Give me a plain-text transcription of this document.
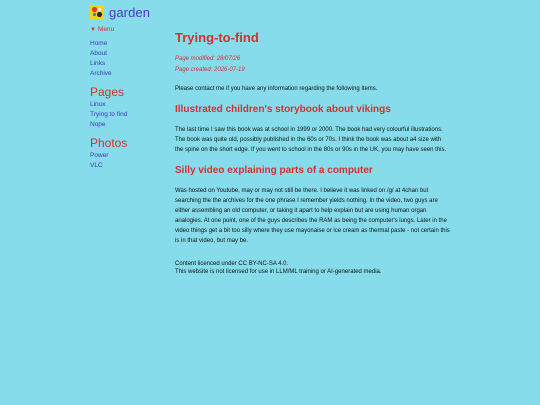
garden
▼ Menu
Home
About
Links
Archive
Pages
Linux
Trying to find
Nope
Photos
Power
VLC
Trying-to-find

Page modified: 28/07/26
Page created: 2026-07-19

Please contact me if you have any information regarding the following items.

Illustrated children's storybook about vikings

The last time I saw this book was at school in 1999 or 2000. The book had very colourful illustrations. The book was quite old, possibly published in the 60s or 70s. I think the book was about a4 size with the spine on the short edge. If you went to school in the 80s or 90s in the UK, you may have seen this.

Silly video explaining parts of a computer

Was hosted on Youtube, may or may not still be there. I believe it was linked on /g/ at 4chan but searching the the archives for the one phrase I remember yields nothing. In the video, two guys are either assembling an old computer, or taking it apart to help explain but are using human organ analogies. At one point, one of the guys describes the RAM as being the computer's lungs. Later in the video things get a bit too silly where they use mayonaise or ice cream as thermal paste - not certain this is in that video, but may be.

Content licenced under CC BY-NC-SA 4.0.
This website is not licensed for use in LLM/ML training or AI-generated media.
